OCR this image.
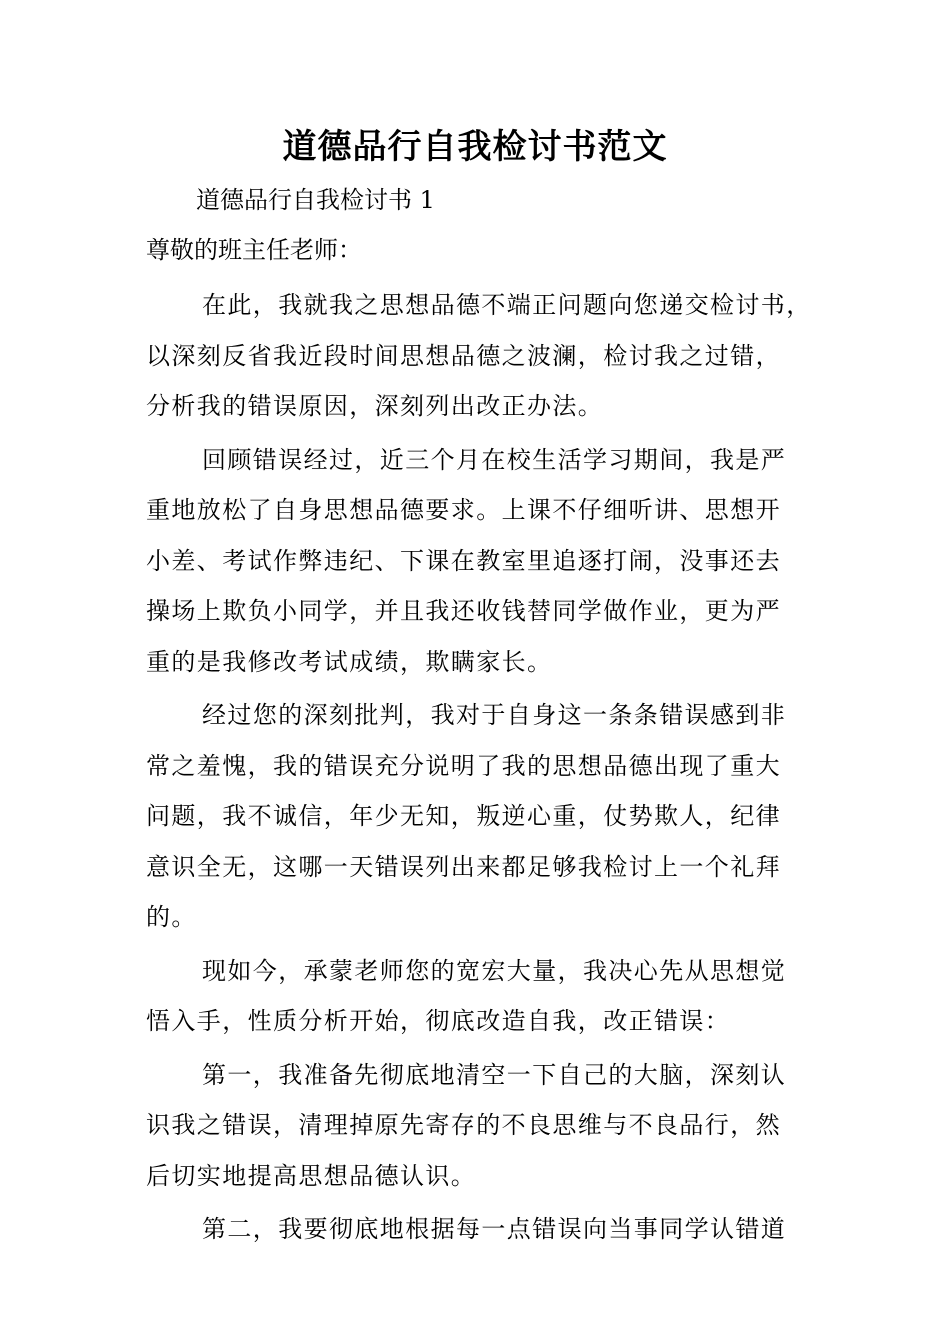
道德品行自我检讨书范文

道德品行自我检讨书 1

尊敬的班主任老师：

在此，我就我之思想品德不端正问题向您递交检讨书，
以深刻反省我近段时间思想品德之波澜，检讨我之过错，
分析我的错误原因，深刻列出改正办法。
回顾错误经过，近三个月在校生活学习期间，我是严
重地放松了自身思想品德要求。上课不仔细听讲、思想开
小差、考试作弊违纪、下课在教室里追逐打闹，没事还去
操场上欺负小同学，并且我还收钱替同学做作业，更为严
重的是我修改考试成绩，欺瞒家长。
经过您的深刻批判，我对于自身这一条条错误感到非
常之羞愧，我的错误充分说明了我的思想品德出现了重大
问题，我不诚信，年少无知，叛逆心重，仗势欺人，纪律
意识全无，这哪一天错误列出来都足够我检讨上一个礼拜
的。
现如今，承蒙老师您的宽宏大量，我决心先从思想觉
悟入手，性质分析开始，彻底改造自我，改正错误：
第一，我准备先彻底地清空一下自己的大脑，深刻认
识我之错误，清理掉原先寄存的不良思维与不良品行，然
后切实地提高思想品德认识。
第二，我要彻底地根据每一点错误向当事同学认错道
